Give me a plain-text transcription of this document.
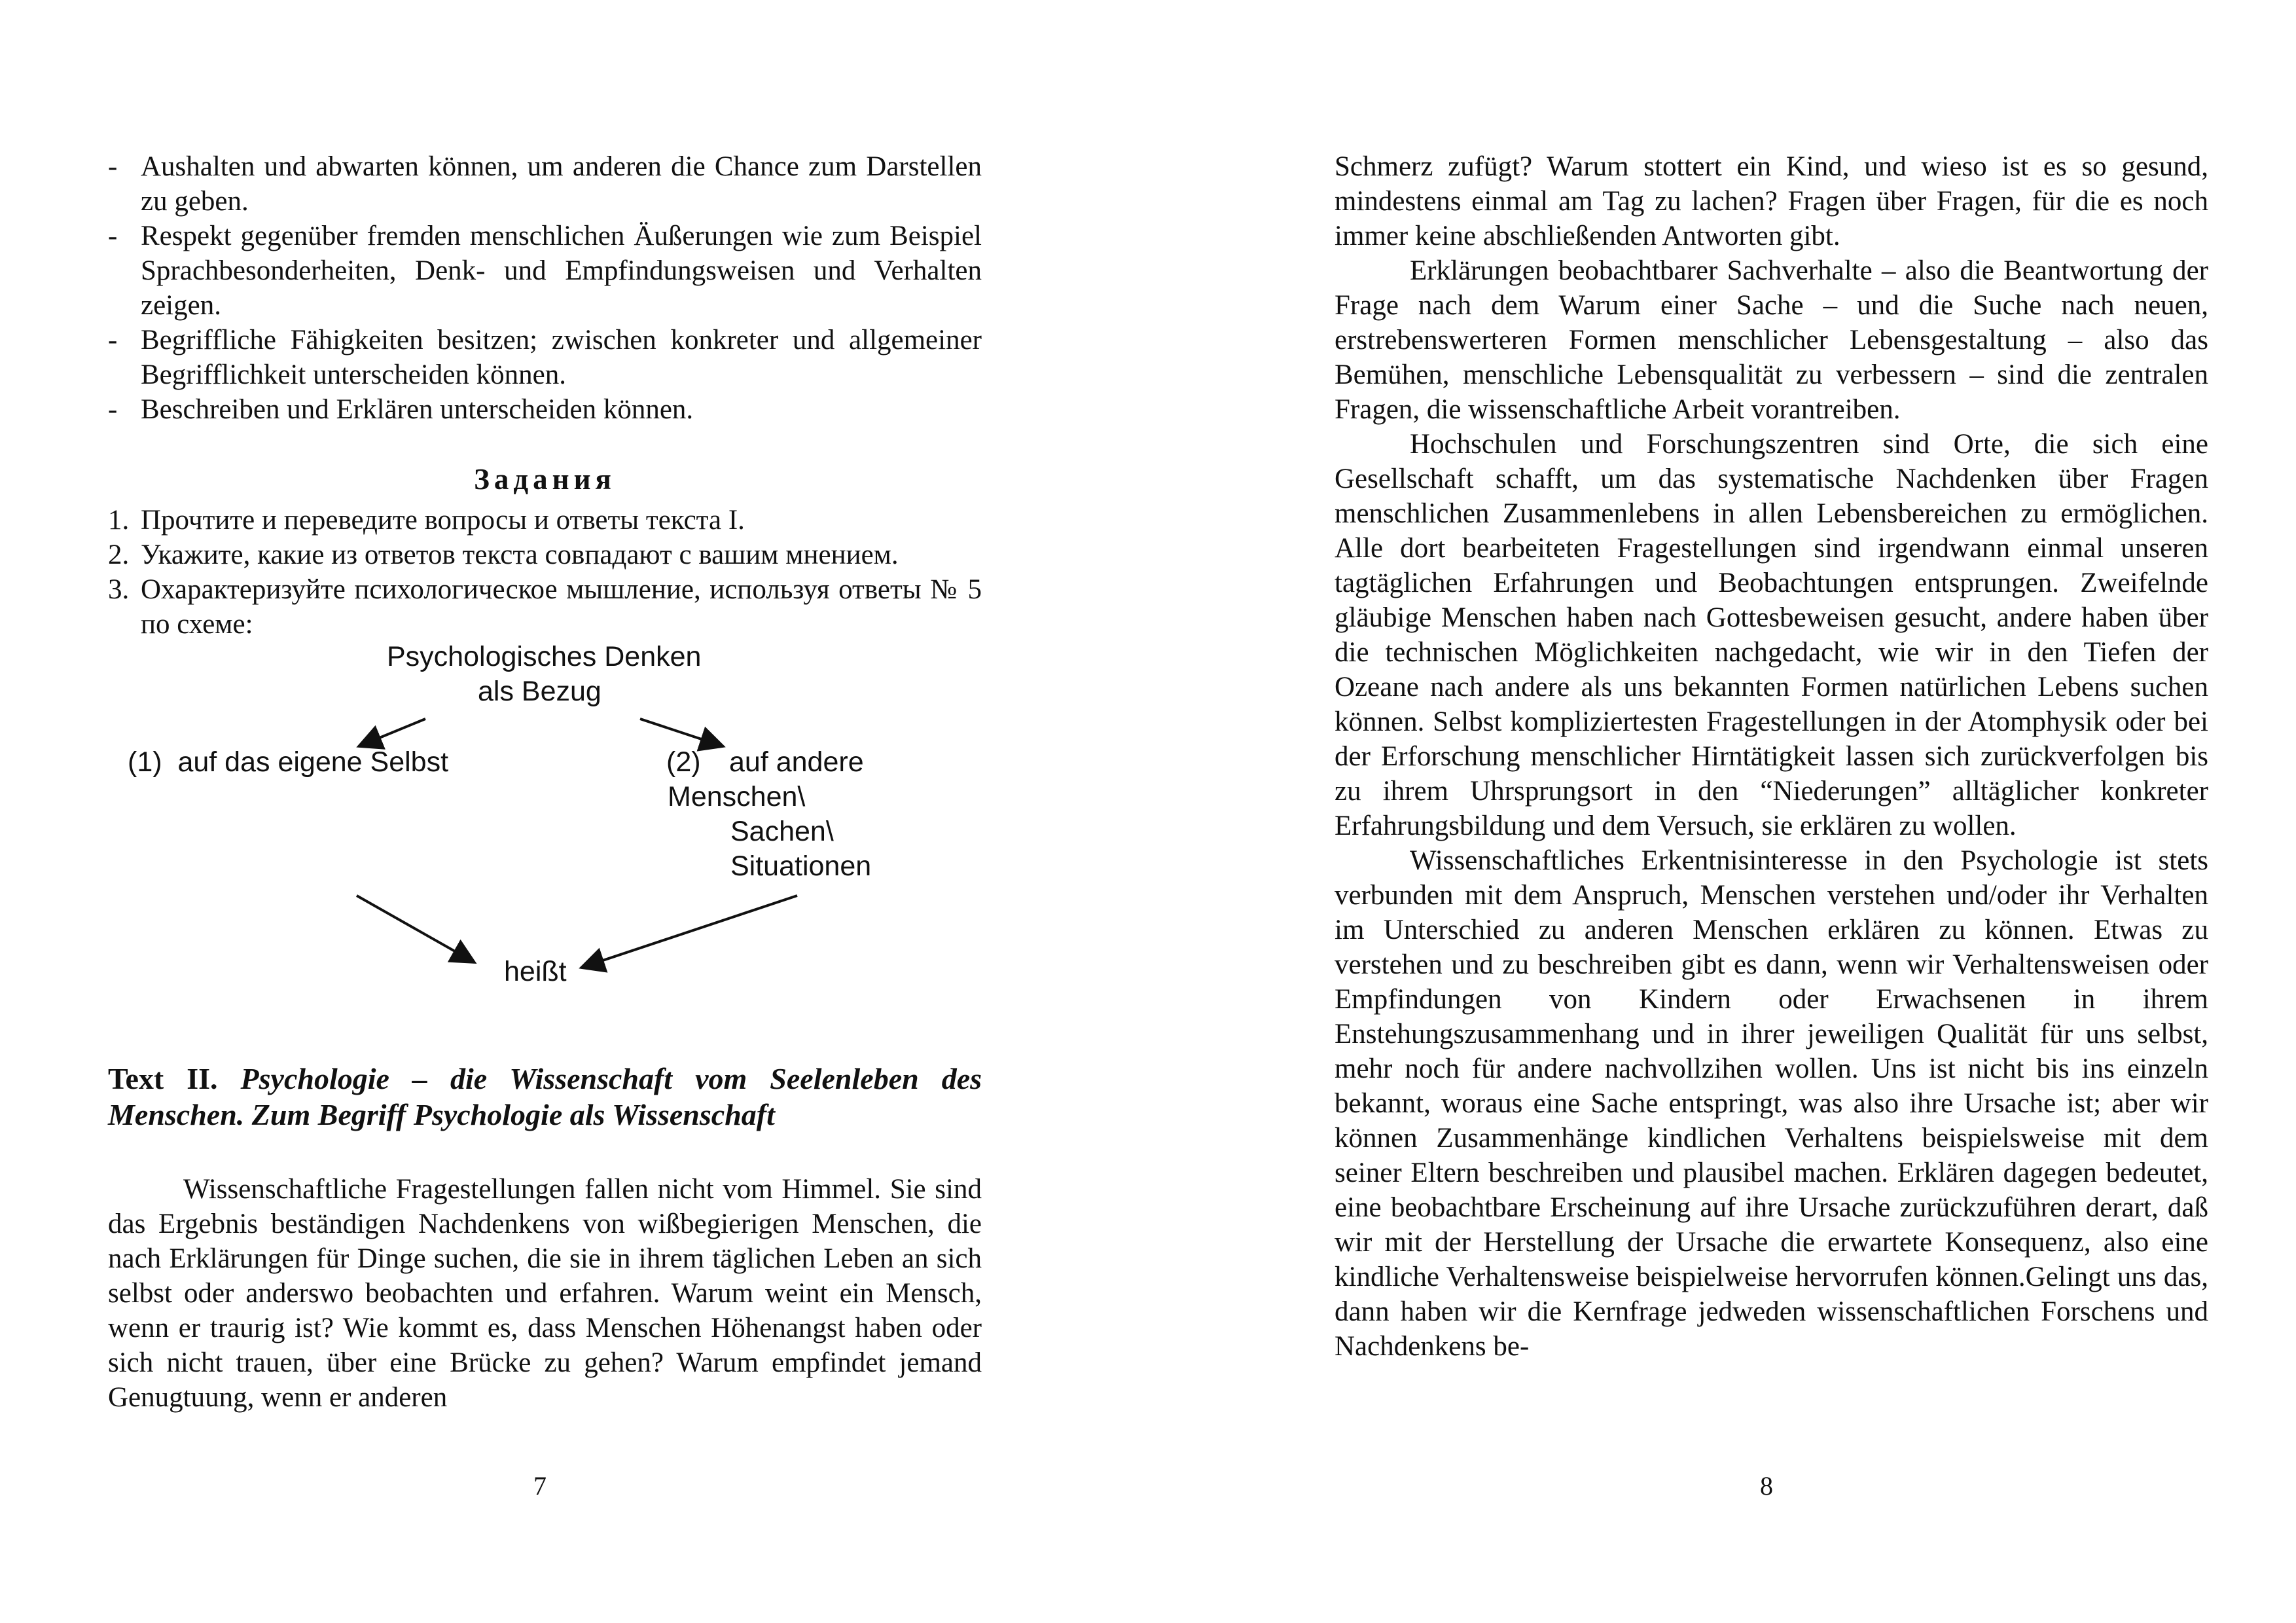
- Aushalten und abwarten können, um anderen die Chance zum Darstellen zu geben.
- Respekt gegenüber fremden menschlichen Äußerungen wie zum Beispiel Sprachbesonderheiten, Denk- und Empfindungsweisen und Verhalten zeigen.
- Begriffliche Fähigkeiten besitzen; zwischen konkreter und allgemeiner Begrifflichkeit unterscheiden können.
- Beschreiben und Erklären unterscheiden können.
Задания
1. Прочтите и переведите вопросы и ответы текста I.
2. Укажите, какие из ответов текста совпадают с вашим мнением.
3. Охарактеризуйте психологическое мышление, используя ответы № 5 по схеме:
Psychologisches Denken
als Bezug
(1)  auf das eigene Selbst	(2) auf andere
Menschen\
Sachen\
Situationen
heißt
Text II. Psychologie – die Wissenschaft vom Seelenleben des Menschen. Zum Begriff Psychologie als Wissenschaft

Wissenschaftliche Fragestellungen fallen nicht vom Himmel. Sie sind das Ergebnis beständigen Nachdenkens von wißbegierigen Menschen, die nach Erklärungen für Dinge suchen, die sie in ihrem täglichen Leben an sich selbst oder anderswo beobachten und erfahren. Warum weint ein Mensch, wenn er traurig ist? Wie kommt es, dass Menschen Höhenangst haben oder sich nicht trauen, über eine Brücke zu gehen? Warum empfindet jemand Genugtuung, wenn er anderen

7

Schmerz zufügt? Warum stottert ein Kind, und wieso ist es so gesund, mindestens einmal am Tag zu lachen? Fragen über Fragen, für die es noch immer keine abschließenden Antworten gibt.

Erklärungen beobachtbarer Sachverhalte – also die Beantwortung der Frage nach dem Warum einer Sache – und die Suche nach neuen, erstrebenswerteren Formen menschlicher Lebensgestaltung – also das Bemühen, menschliche Lebensqualität zu verbessern – sind die zentralen Fragen, die wissenschaftliche Arbeit vorantreiben.

Hochschulen und Forschungszentren sind Orte, die sich eine Gesellschaft schafft, um das systematische Nachdenken über Fragen menschlichen Zusammenlebens in allen Lebensbereichen zu ermöglichen. Alle dort bearbeiteten Fragestellungen sind irgendwann einmal unseren tagtäglichen Erfahrungen und Beobachtungen entsprungen. Zweifelnde gläubige Menschen haben nach Gottesbeweisen gesucht, andere haben über die technischen Möglichkeiten nachgedacht, wie wir in den Tiefen der Ozeane nach andere als uns bekannten Formen natürlichen Lebens suchen können. Selbst kompliziertesten Fragestellungen in der Atomphysik oder bei der Erforschung menschlicher Hirntätigkeit lassen sich zurückverfolgen bis zu ihrem Uhrsprungsort in den “Niederungen” alltäglicher konkreter Erfahrungsbildung und dem Versuch, sie erklären zu wollen.

Wissenschaftliches Erkentnisinteresse in den Psychologie ist stets verbunden mit dem Anspruch, Menschen verstehen und/oder ihr Verhalten im Unterschied zu anderen Menschen erklären zu können. Etwas zu verstehen und zu beschreiben gibt es dann, wenn wir Verhaltensweisen oder Empfindungen von Kindern oder Erwachsenen in ihrem Enstehungszusammenhang und in ihrer jeweiligen Qualität für uns selbst, mehr noch für andere nachvollzihen wollen. Uns ist nicht bis ins einzeln bekannt, woraus eine Sache entspringt, was also ihre Ursache ist; aber wir können Zusammenhänge kindlichen Verhaltens beispielsweise mit dem seiner Eltern beschreiben und plausibel machen. Erklären dagegen bedeutet, eine beobachtbare Erscheinung auf ihre Ursache zurückzuführen derart, daß wir mit der Herstellung der Ursache die erwartete Konsequenz, also eine kindliche Verhaltensweise beispielweise hervorrufen können.Gelingt uns das, dann haben wir die Kernfrage jedweden wissenschaftlichen Forschens und Nachdenkens be-

8
